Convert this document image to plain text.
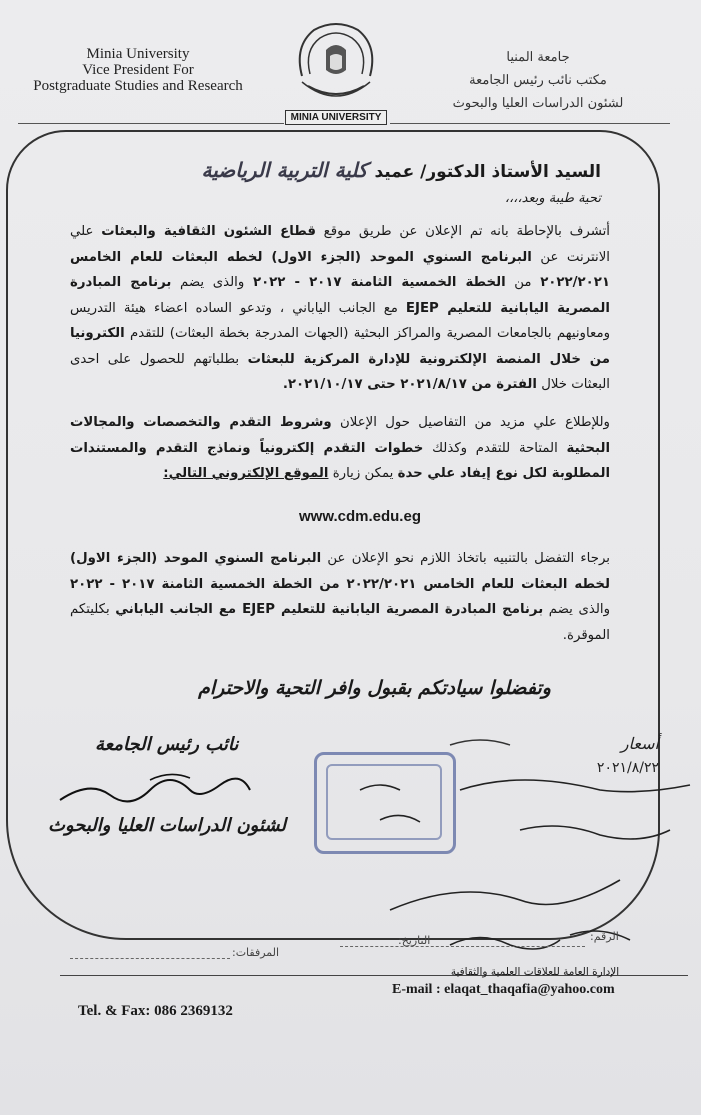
Minia University
Vice President For
Postgraduate Studies and Research
MINIA UNIVERSITY
جامعة المنيا
مكتب نائب رئيس الجامعة
لشئون الدراسات العليا والبحوث
السيد الأستاذ الدكتور/ عميد كلية التربية الرياضية
تحية طيبة وبعد،،،،
أتشرف بالإحاطة بانه تم الإعلان عن طريق موقع قطاع الشئون الثقافية والبعثات علي الانترنت عن البرنامج السنوي الموحد (الجزء الاول) لخطه البعثات للعام الخامس ٢٠٢٢/٢٠٢١ من الخطة الخمسية الثامنة ٢٠١٧ - ٢٠٢٢ والذى يضم برنامج المبادرة المصرية اليابانية للتعليم EJEP مع الجانب الياباني ، وتدعو الساده اعضاء هيئة التدريس ومعاونيهم بالجامعات المصرية والمراكز البحثية (الجهات المدرجة بخطة البعثات) للتقدم الكترونيا من خلال المنصة الإلكترونية للإدارة المركزية للبعثات بطلباتهم للحصول على احدى البعثات خلال الفترة من ٢٠٢١/٨/١٧ حتى ٢٠٢١/١٠/١٧.
وللإطلاع علي مزيد من التفاصيل حول الإعلان وشروط التقدم والتخصصات والمجالات البحثية المتاحة للتقدم وكذلك خطوات التقدم إلكترونياً ونماذج التقدم والمستندات المطلوبة لكل نوع إيفاد علي حدة يمكن زيارة الموقع الإلكتروني التالي:
www.cdm.edu.eg
برجاء التفضل بالتنبيه باتخاذ اللازم نحو الإعلان عن البرنامج السنوي الموحد (الجزء الاول) لخطه البعثات للعام الخامس ٢٠٢٢/٢٠٢١ من الخطة الخمسية الثامنة ٢٠١٧ - ٢٠٢٢ والذى يضم برنامج المبادرة المصرية اليابانية للتعليم EJEP مع الجانب الياباني بكليتكم الموقرة.
وتفضلوا سيادتكم بقبول وافر التحية والاحترام
نائب رئيس الجامعة
لشئون الدراسات العليا والبحوث
أسعار
٢٠٢١/٨/٢٢
الرقم:
التاريخ:
المرفقات:
الإدارة العامة للعلاقات العلمية والثقافية
E-mail : elaqat_thaqafia@yahoo.com
Tel. & Fax: 086 2369132
